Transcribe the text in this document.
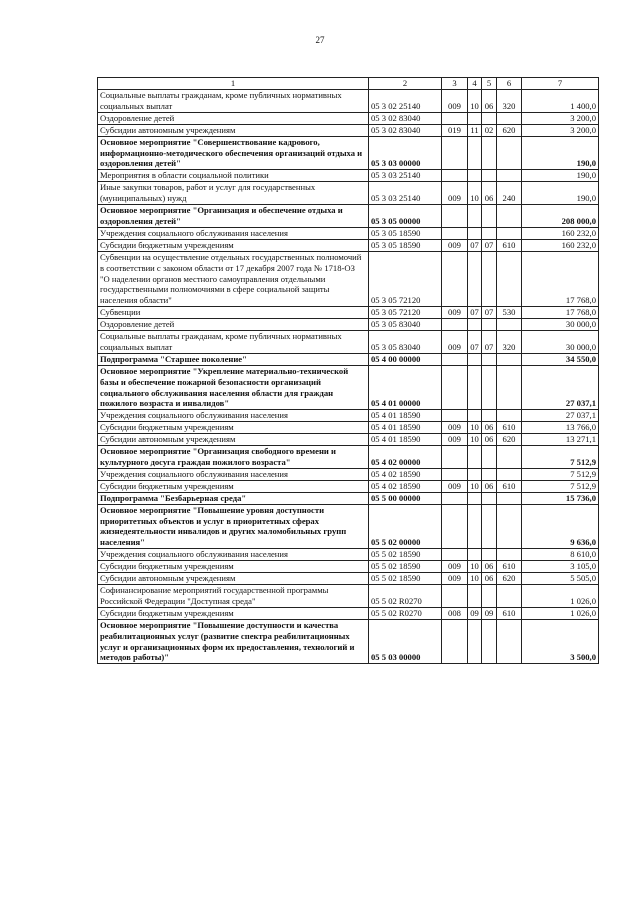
27
1	2	3	4	5	6	7
Социальные выплаты гражданам, кроме публичных нормативных социальных выплат	05 3 02 25140	009	10	06	320	1 400,0
Оздоровление детей	05 3 02 83040					3 200,0
Субсидии автономным учреждениям	05 3 02 83040	019	11	02	620	3 200,0
Основное мероприятие "Совершенствование кадрового, информационно-методического обеспечения организаций отдыха и оздоровления детей"	05 3 03 00000					190,0
Мероприятия в области социальной политики	05 3 03 25140					190,0
Иные закупки товаров, работ и услуг для государственных (муниципальных) нужд	05 3 03 25140	009	10	06	240	190,0
Основное мероприятие "Организация и обеспечение отдыха и оздоровления детей"	05 3 05 00000					208 000,0
Учреждения социального обслуживания населения	05 3 05 18590					160 232,0
Субсидии бюджетным учреждениям	05 3 05 18590	009	07	07	610	160 232,0
Субвенции на осуществление отдельных государственных полномочий в соответствии с законом области от 17 декабря 2007 года № 1718-ОЗ "О наделении органов местного самоуправления отдельными государственными полномочиями в сфере социальной защиты населения области"	05 3 05 72120					17 768,0
Субвенции	05 3 05 72120	009	07	07	530	17 768,0
Оздоровление детей	05 3 05 83040					30 000,0
Социальные выплаты гражданам, кроме публичных нормативных социальных выплат	05 3 05 83040	009	07	07	320	30 000,0
Подпрограмма "Старшее поколение"	05 4 00 00000					34 550,0
Основное мероприятие "Укрепление материально-технической базы и обеспечение пожарной безопасности организаций социального обслуживания населения области для граждан пожилого возраста и инвалидов"	05 4 01 00000					27 037,1
Учреждения социального обслуживания населения	05 4 01 18590					27 037,1
Субсидии бюджетным учреждениям	05 4 01 18590	009	10	06	610	13 766,0
Субсидии автономным учреждениям	05 4 01 18590	009	10	06	620	13 271,1
Основное мероприятие "Организация свободного времени и культурного досуга граждан пожилого возраста"	05 4 02 00000					7 512,9
Учреждения социального обслуживания населения	05 4 02 18590					7 512,9
Субсидии бюджетным учреждениям	05 4 02 18590	009	10	06	610	7 512,9
Подпрограмма "Безбарьерная среда"	05 5 00 00000					15 736,0
Основное мероприятие "Повышение уровня доступности приоритетных объектов и услуг в приоритетных сферах жизнедеятельности инвалидов и других маломобильных групп населения"	05 5 02 00000					9 636,0
Учреждения социального обслуживания населения	05 5 02 18590					8 610,0
Субсидии бюджетным учреждениям	05 5 02 18590	009	10	06	610	3 105,0
Субсидии автономным учреждениям	05 5 02 18590	009	10	06	620	5 505,0
Софинансирование мероприятий государственной программы Российской Федерации "Доступная среда"	05 5 02 R0270					1 026,0
Субсидии бюджетным учреждениям	05 5 02 R0270	008	09	09	610	1 026,0
Основное мероприятие "Повышение доступности и качества реабилитационных услуг (развитие спектра реабилитационных услуг и организационных форм их предоставления, технологий и методов работы)"	05 5 03 00000					3 500,0
